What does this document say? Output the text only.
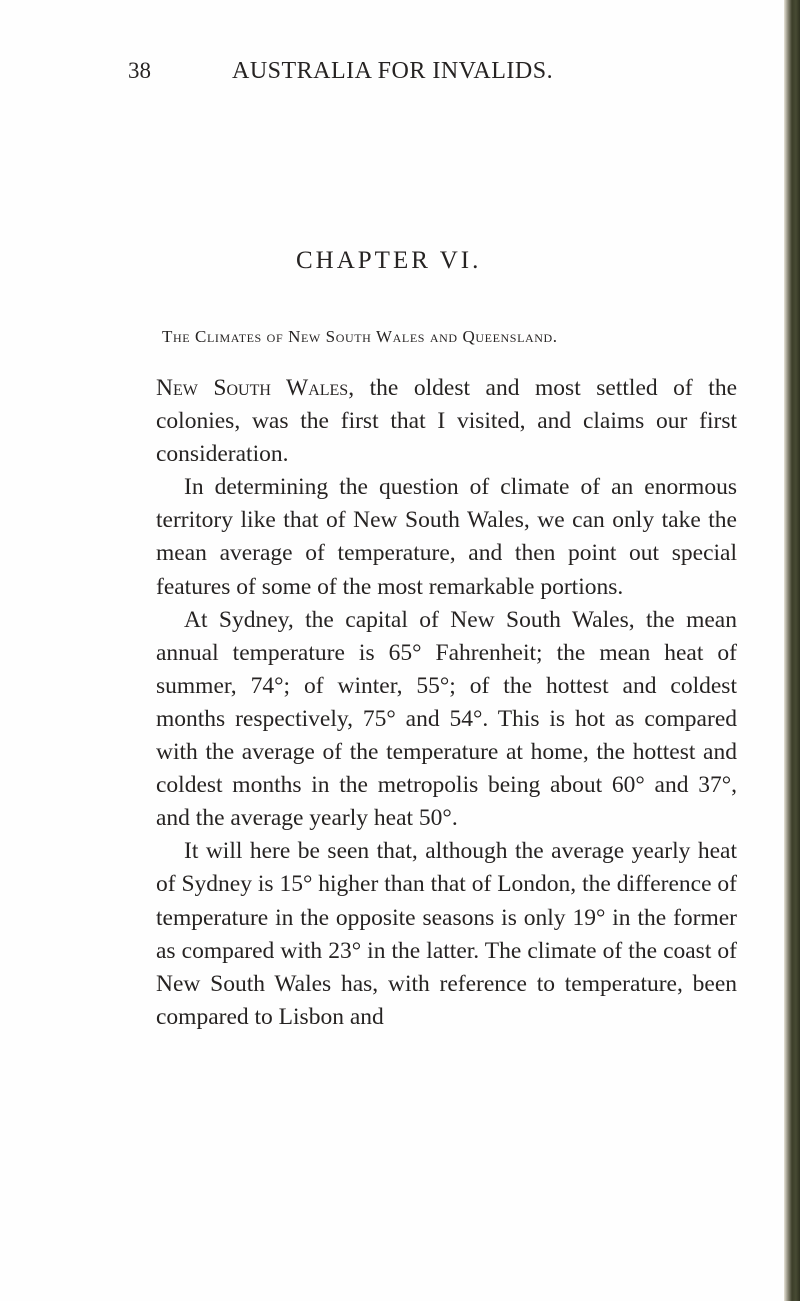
38	AUSTRALIA FOR INVALIDS.
CHAPTER VI.
The Climates of New South Wales and Queensland.

New South Wales, the oldest and most settled of the colonies, was the first that I visited, and claims our first consideration.

In determining the question of climate of an enormous territory like that of New South Wales, we can only take the mean average of temperature, and then point out special features of some of the most remarkable portions.

At Sydney, the capital of New South Wales, the mean annual temperature is 65° Fahrenheit; the mean heat of summer, 74°; of winter, 55°; of the hottest and coldest months respectively, 75° and 54°. This is hot as compared with the average of the temperature at home, the hottest and coldest months in the metropolis being about 60° and 37°, and the average yearly heat 50°.

It will here be seen that, although the average yearly heat of Sydney is 15° higher than that of London, the difference of temperature in the opposite seasons is only 19° in the former as compared with 23° in the latter. The climate of the coast of New South Wales has, with reference to temperature, been compared to Lisbon and
